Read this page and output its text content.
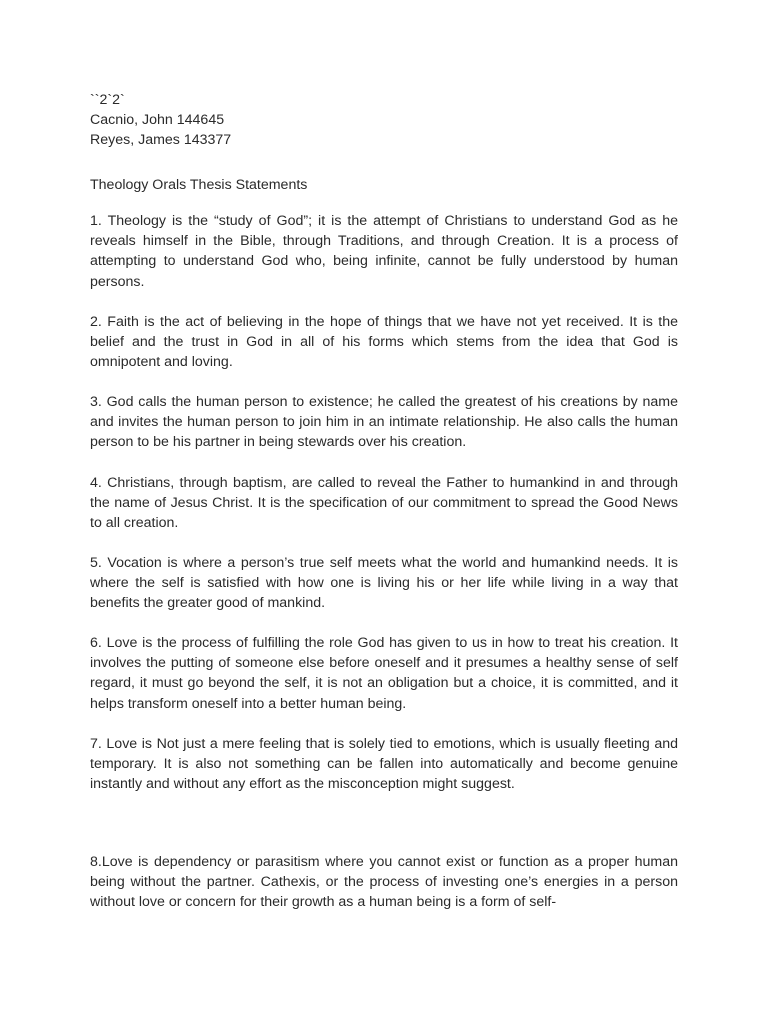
``2`2`

Cacnio, John 144645

Reyes, James 143377

Theology Orals Thesis Statements

1. Theology is the “study of God”; it is the attempt of Christians to understand God as he reveals himself in the Bible, through Traditions, and through Creation. It is a process of attempting to understand God who, being infinite, cannot be fully understood by human persons.

2. Faith is the act of believing in the hope of things that we have not yet received. It is the belief and the trust in God in all of his forms which stems from the idea that God is omnipotent and loving.

3. God calls the human person to existence; he called the greatest of his creations by name and invites the human person to join him in an intimate relationship. He also calls the human person to be his partner in being stewards over his creation.

4. Christians, through baptism, are called to reveal the Father to humankind in and through the name of Jesus Christ. It is the specification of our commitment to spread the Good News to all creation.

5. Vocation is where a person’s true self meets what the world and humankind needs. It is where the self is satisfied with how one is living his or her life while living in a way that benefits the greater good of mankind.

6. Love is the process of fulfilling the role God has given to us in how to treat his creation. It involves the putting of someone else before oneself and it presumes a healthy sense of self regard, it must go beyond the self, it is not an obligation but a choice, it is committed, and it helps transform oneself into a better human being.

7. Love is Not just a mere feeling that is solely tied to emotions, which is usually fleeting and temporary. It is also not something can be fallen into automatically and become genuine instantly and without any effort as the misconception might suggest.

8.Love is dependency or parasitism where you cannot exist or function as a proper human being without the partner. Cathexis, or the process of investing one’s energies in a person without love or concern for their growth as a human being is a form of self-
